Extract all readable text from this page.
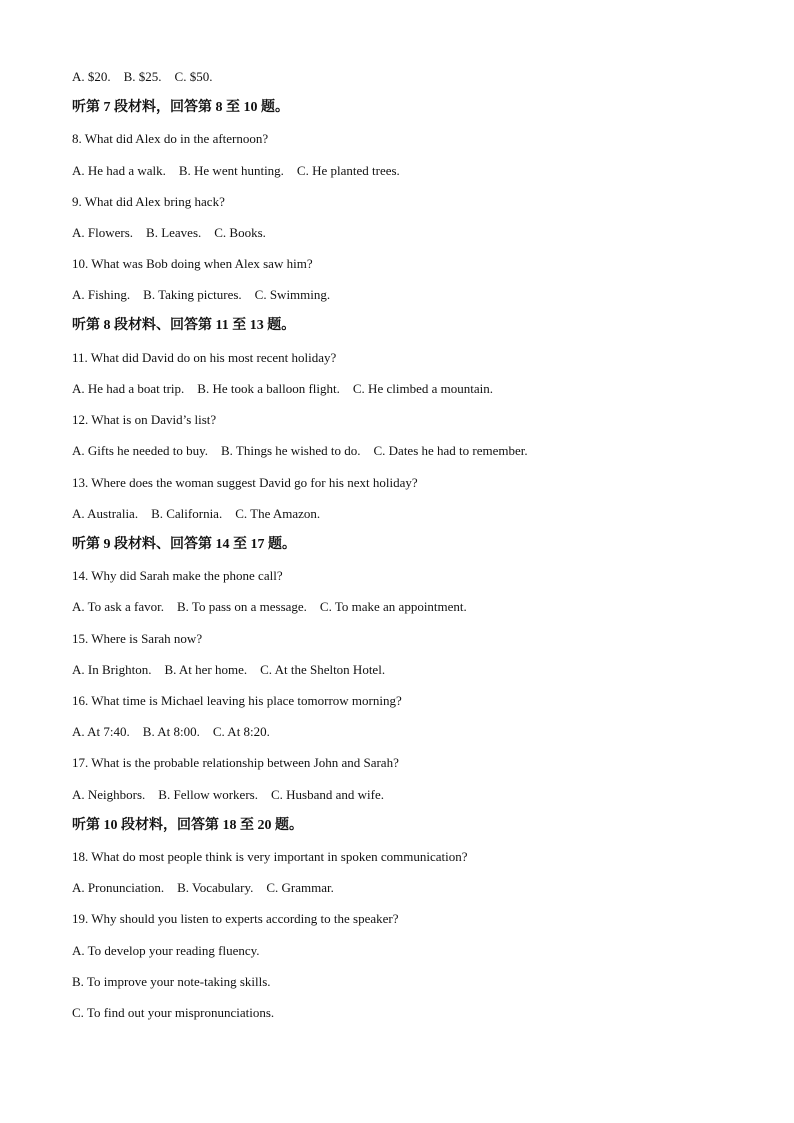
A. $20.    B. $25.    C. $50.
听第 7 段材料，回答第 8 至 10 题。
8. What did Alex do in the afternoon?
A. He had a walk.    B. He went hunting.    C. He planted trees.
9. What did Alex bring hack?
A. Flowers.    B. Leaves.    C. Books.
10. What was Bob doing when Alex saw him?
A. Fishing.    B. Taking pictures.    C. Swimming.
听第 8 段材料、回答第 11 至 13 题。
11. What did David do on his most recent holiday?
A. He had a boat trip.    B. He took a balloon flight.    C. He climbed a mountain.
12. What is on David’s list?
A. Gifts he needed to buy.    B. Things he wished to do.    C. Dates he had to remember.
13. Where does the woman suggest David go for his next holiday?
A. Australia.    B. California.    C. The Amazon.
听第 9 段材料、回答第 14 至 17 题。
14. Why did Sarah make the phone call?
A. To ask a favor.    B. To pass on a message.    C. To make an appointment.
15. Where is Sarah now?
A. In Brighton.    B. At her home.    C. At the Shelton Hotel.
16. What time is Michael leaving his place tomorrow morning?
A. At 7:40.    B. At 8:00.    C. At 8:20.
17. What is the probable relationship between John and Sarah?
A. Neighbors.    B. Fellow workers.    C. Husband and wife.
听第 10 段材料，回答第 18 至 20 题。
18. What do most people think is very important in spoken communication?
A. Pronunciation.    B. Vocabulary.    C. Grammar.
19. Why should you listen to experts according to the speaker?
A. To develop your reading fluency.
B. To improve your note-taking skills.
C. To find out your mispronunciations.
